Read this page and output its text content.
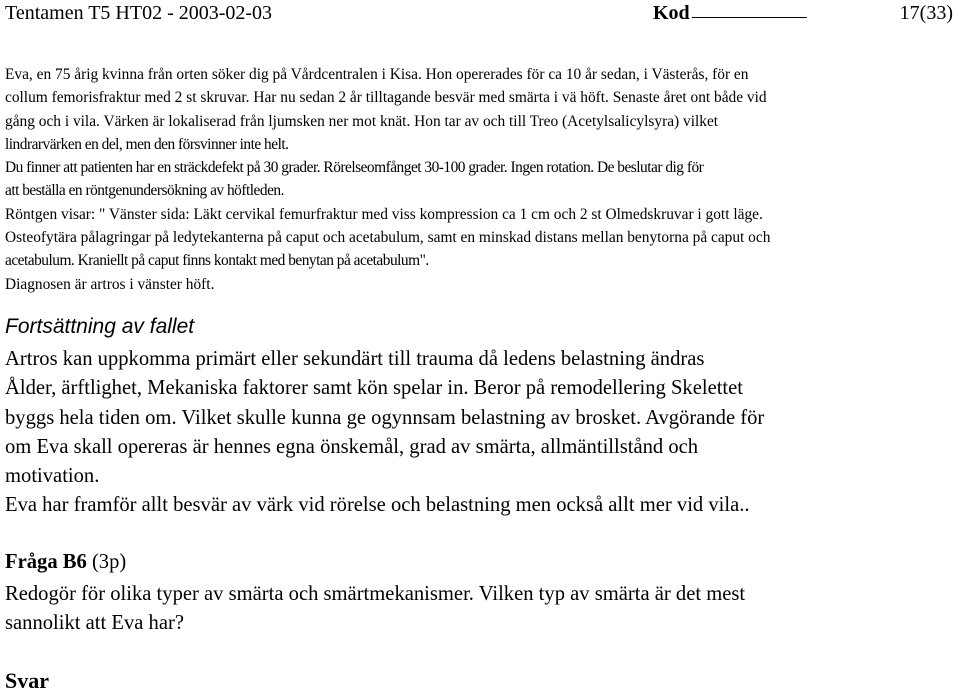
Tentamen T5 HT02 - 2003-02-03	Kod	17(33)

Eva, en 75 årig kvinna från orten söker dig på Vårdcentralen i Kisa. Hon opererades för ca 10 år sedan, i Västerås, för en

collum femorisfraktur med 2 st skruvar. Har nu sedan 2 år tilltagande besvär med smärta i vä höft. Senaste året ont både vid

gång och i vila. Värken är lokaliserad från ljumsken ner mot knät. Hon tar av och till Treo (Acetylsalicylsyra) vilket

lindrarvärken en del, men den försvinner inte helt.

Du finner att patienten har en sträckdefekt på 30 grader. Rörelseomfånget 30-100 grader. Ingen rotation. De beslutar dig för

att beställa en röntgenundersökning av höftleden.

Röntgen visar: " Vänster sida: Läkt cervikal femurfraktur med viss kompression ca 1 cm och 2 st Olmedskruvar i gott läge.

Osteofytära pålagringar på ledytekanterna på caput och acetabulum, samt en minskad distans mellan benytorna på caput och

acetabulum. Kraniellt på caput finns kontakt med benytan på acetabulum".

Diagnosen är artros i vänster höft.

Fortsättning av fallet

Artros kan uppkomma primärt eller sekundärt till trauma då ledens belastning ändras

Ålder, ärftlighet, Mekaniska faktorer samt kön spelar in. Beror på remodellering Skelettet

byggs hela tiden om. Vilket skulle kunna ge ogynnsam belastning av brosket. Avgörande för

om Eva skall opereras är hennes egna önskemål, grad av smärta, allmäntillstånd och

motivation.

Eva har framför allt besvär av värk vid rörelse och belastning men också allt mer vid vila..

Fråga B6 (3p)

Redogör för olika typer av smärta och smärtmekanismer. Vilken typ av smärta är det mest

sannolikt att Eva har?

Svar
